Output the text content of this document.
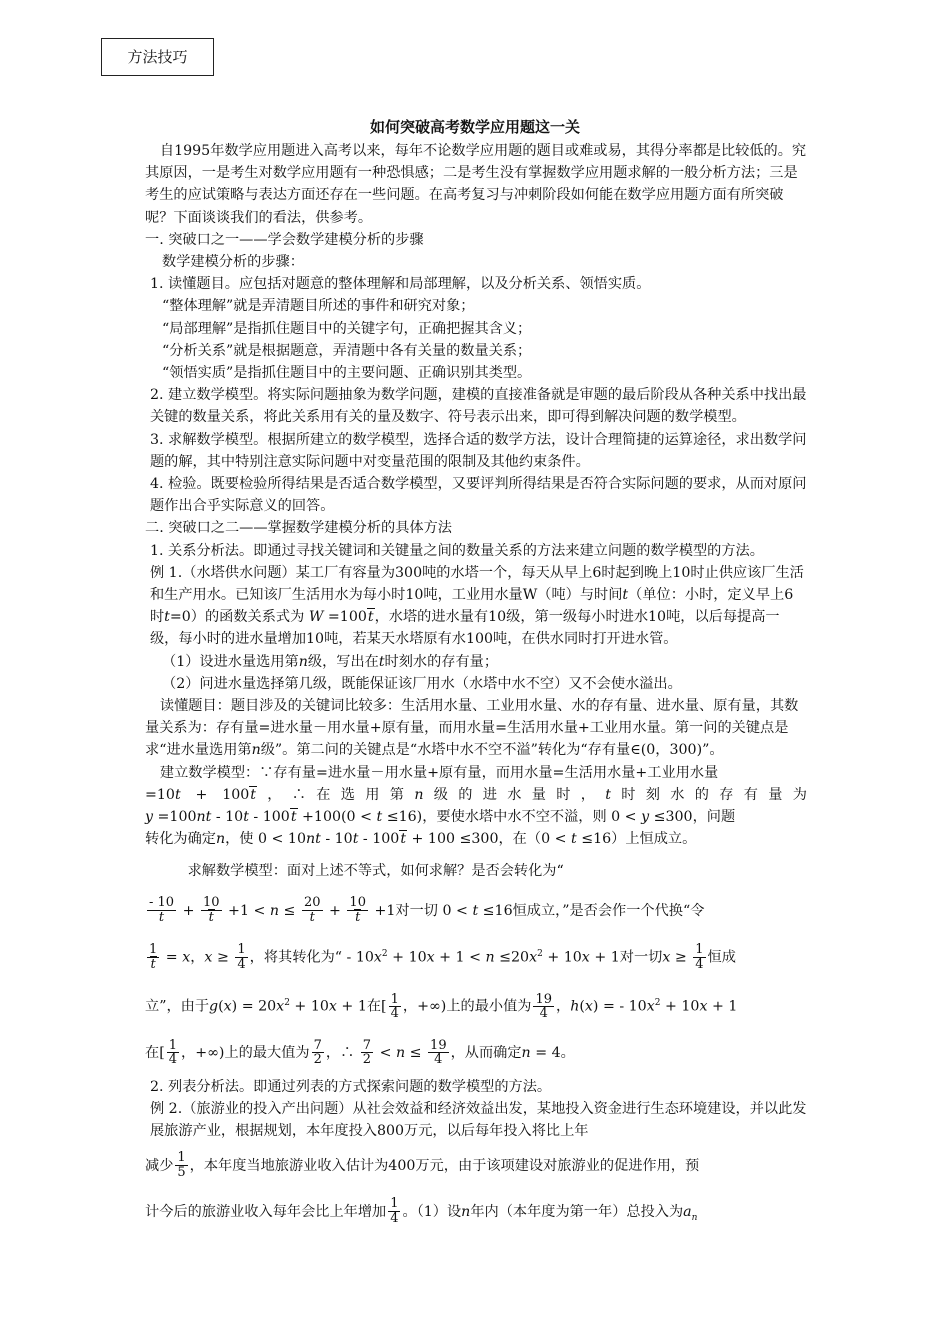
方法技巧
如何突破高考数学应用题这一关

自1995年数学应用题进入高考以来，每年不论数学应用题的题目或难或易，其得分率都是比较低的。究其原因，一是考生对数学应用题有一种恐惧感；二是考生没有掌握数学应用题求解的一般分析方法；三是考生的应试策略与表达方面还存在一些问题。在高考复习与冲刺阶段如何能在数学应用题方面有所突破呢？下面谈谈我们的看法，供参考。

一. 突破口之一——学会数学建模分析的步骤

数学建模分析的步骤：

1. 读懂题目。应包括对题意的整体理解和局部理解，以及分析关系、领悟实质。

“整体理解”就是弄清题目所述的事件和研究对象；

“局部理解”是指抓住题目中的关键字句，正确把握其含义；

“分析关系”就是根据题意，弄清题中各有关量的数量关系；

“领悟实质”是指抓住题目中的主要问题、正确识别其类型。

2. 建立数学模型。将实际问题抽象为数学问题，建模的直接准备就是审题的最后阶段从各种关系中找出最关键的数量关系，将此关系用有关的量及数字、符号表示出来，即可得到解决问题的数学模型。

3. 求解数学模型。根据所建立的数学模型，选择合适的数学方法，设计合理简捷的运算途径，求出数学问题的解，其中特别注意实际问题中对变量范围的限制及其他约束条件。

4. 检验。既要检验所得结果是否适合数学模型，又要评判所得结果是否符合实际问题的要求，从而对原问题作出合乎实际意义的回答。

二. 突破口之二——掌握数学建模分析的具体方法

1. 关系分析法。即通过寻找关键词和关键量之间的数量关系的方法来建立问题的数学模型的方法。

例 1.（水塔供水问题）某工厂有容量为300吨的水塔一个，每天从早上6时起到晚上10时止供应该厂生活和生产用水。已知该厂生活用水为每小时10吨，工业用水量W（吨）与时间t（单位：小时，定义早上6时t=0）的函数关系式为 W =100t，水塔的进水量有10级，第一级每小时进水10吨，以后每提高一级，每小时的进水量增加10吨，若某天水塔原有水100吨，在供水同时打开进水管。

（1）设进水量选用第n级，写出在t时刻水的存有量；

（2）问进水量选择第几级，既能保证该厂用水（水塔中水不空）又不会使水溢出。

读懂题目：题目涉及的关键词比较多：生活用水量、工业用水量、水的存有量、进水量、原有量，其数量关系为：存有量=进水量－用水量+原有量，而用水量=生活用水量+工业用水量。第一问的关键点是求“进水量选用第n级”。第二问的关键点是“水塔中水不空不溢”转化为“存有量∈(0，300)”。

建立数学模型：∵存有量=进水量－用水量+原有量，而用水量=生活用水量+工业用水量

=10t + 100t，∴在选用第n级的进水量时，t时刻水的存有量为

y =100nt - 10t - 100t +100(0 < t ≤16)，要使水塔中水不空不溢，则 0 < y ≤300，问题

转化为确定n，使 0 < 10nt - 10t - 100t + 100 ≤300，在（0 < t ≤16）上恒成立。

求解数学模型：面对上述不等式，如何求解？是否会转化为“

$\frac{- 10}{t} + \frac{10}{t} +1 < n \le \frac{20}{t} + \frac{10}{t} +1$对一切 0 < t ≤16恒成立，”是否会作一个代换“令

$\frac{1}{t} = x$，$x \ge \frac{1}{4}$ ，将其转化为“ - $10x^2 + 10x + 1 < n \le 20x^2 + 10x + 1$对一切$x \ge \frac{1}{4}$ 恒成

立”，由于$g(x) = 20x^2 + 10x + 1$在[ $\frac{1}{4}$ ，+∞)上的最小值为 $\frac{19}{4}$ ，h(x) = - $10x^2 + 10x + 1$

在[ $\frac{1}{4}$ ，+∞)上的最大值为 $\frac{7}{2}$ ，∴ $\frac{7}{2} < n \le \frac{19}{4}$ ，从而确定n = 4。

2. 列表分析法。即通过列表的方式探索问题的数学模型的方法。

例 2.（旅游业的投入产出问题）从社会效益和经济效益出发，某地投入资金进行生态环境建设，并以此发展旅游产业，根据规划，本年度投入800万元，以后每年投入将比上年

减少 $\frac{1}{5}$ ，本年度当地旅游业收入估计为400万元，由于该项建设对旅游业的促进作用，预

计今后的旅游业收入每年会比上年增加 $\frac{1}{4}$ 。（1）设n年内（本年度为第一年）总投入为$a_n$
